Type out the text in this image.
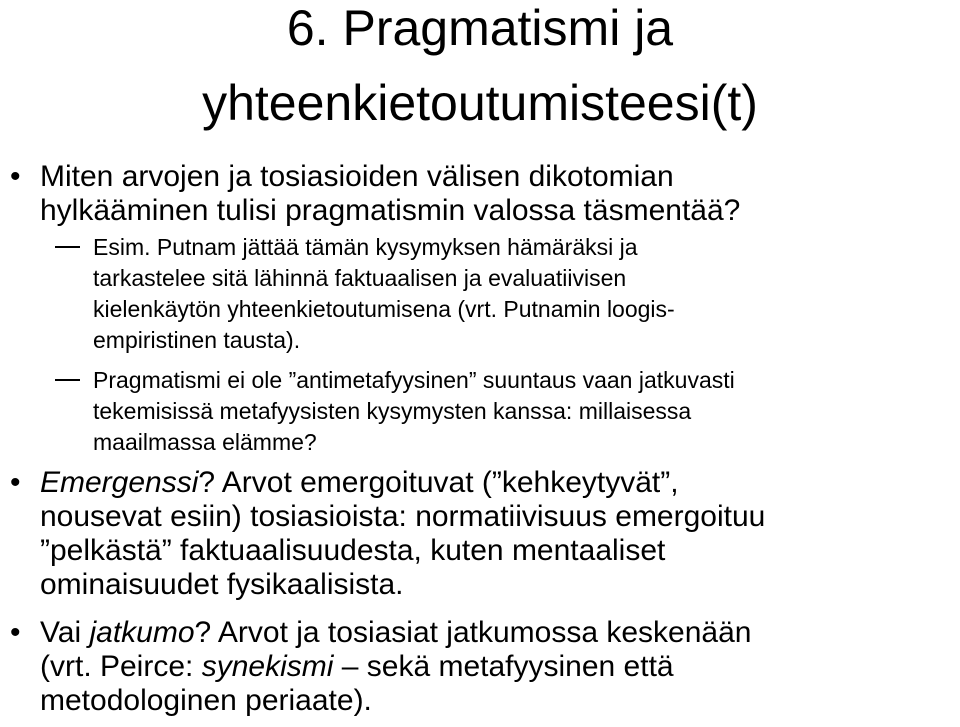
6. Pragmatismi ja
yhteenkietoutumisteesi(t)
• Miten arvojen ja tosiasioiden välisen dikotomian
hylkääminen tulisi pragmatismin valossa täsmentää?
Esim. Putnam jättää tämän kysymyksen hämäräksi ja
tarkastelee sitä lähinnä faktuaalisen ja evaluatiivisen
kielenkäytön yhteenkietoutumisena (vrt. Putnamin loogis-
empiristinen tausta).
Pragmatismi ei ole ”antimetafyysinen” suuntaus vaan jatkuvasti
tekemisissä metafyysisten kysymysten kanssa: millaisessa
maailmassa elämme?
• Emergenssi? Arvot emergoituvat (”kehkeytyvät”,
nousevat esiin) tosiasioista: normatiivisuus emergoituu
”pelkästä” faktuaalisuudesta, kuten mentaaliset
ominaisuudet fysikaalisista.
• Vai jatkumo? Arvot ja tosiasiat jatkumossa keskenään
(vrt. Peirce: synekismi – sekä metafyysinen että
metodologinen periaate).
